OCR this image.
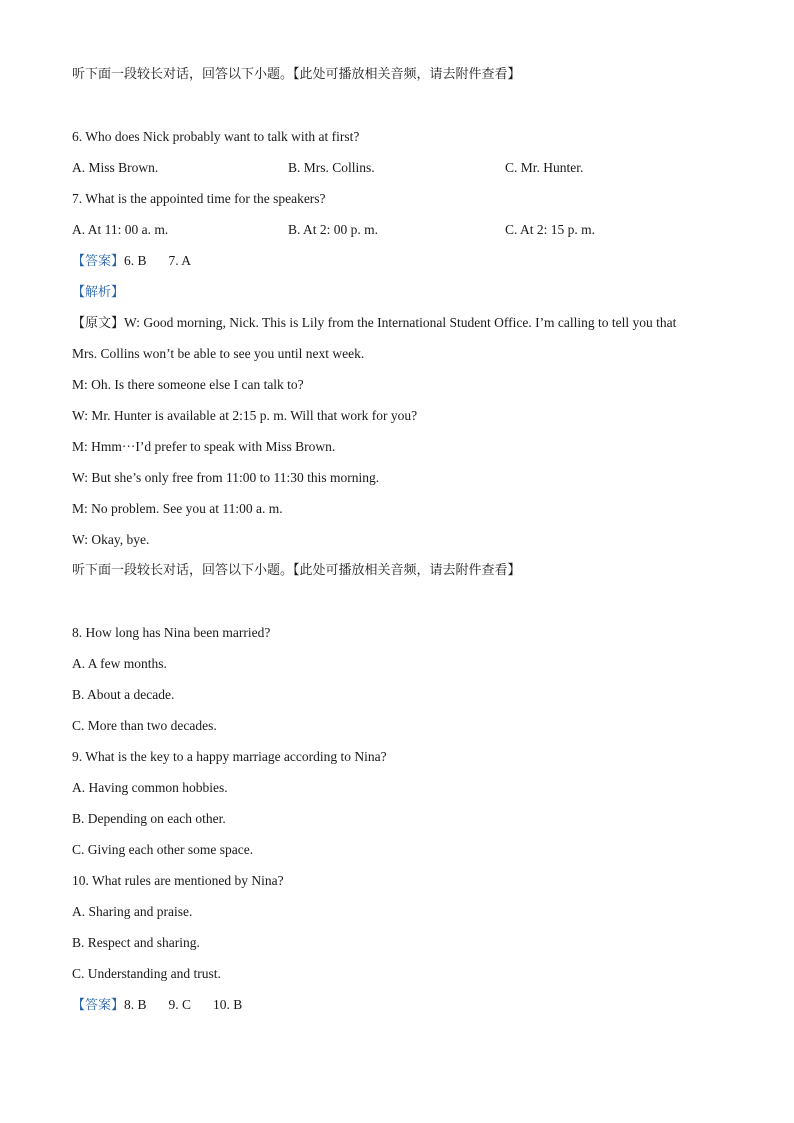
听下面一段较长对话，回答以下小题。【此处可播放相关音频，请去附件查看】
6. Who does Nick probably want to talk with at first?
A. Miss Brown.	B. Mrs. Collins.	C. Mr. Hunter.
7. What is the appointed time for the speakers?
A. At 11: 00 a. m.	B. At 2: 00 p. m.	C. At 2: 15 p. m.
【答案】6. B 7. A
【解析】
【原文】W: Good morning, Nick. This is Lily from the International Student Office. I’m calling to tell you that
Mrs. Collins won’t be able to see you until next week.
M: Oh. Is there someone else I can talk to?
W: Mr. Hunter is available at 2:15 p. m. Will that work for you?
M: Hmm···I’d prefer to speak with Miss Brown.
W: But she’s only free from 11:00 to 11:30 this morning.
M: No problem. See you at 11:00 a. m.
W: Okay, bye.
听下面一段较长对话，回答以下小题。【此处可播放相关音频，请去附件查看】
8. How long has Nina been married?
A. A few months.
B. About a decade.
C. More than two decades.
9. What is the key to a happy marriage according to Nina?
A. Having common hobbies.
B. Depending on each other.
C. Giving each other some space.
10. What rules are mentioned by Nina?
A. Sharing and praise.
B. Respect and sharing.
C. Understanding and trust.
【答案】8. B 9. C 10. B
